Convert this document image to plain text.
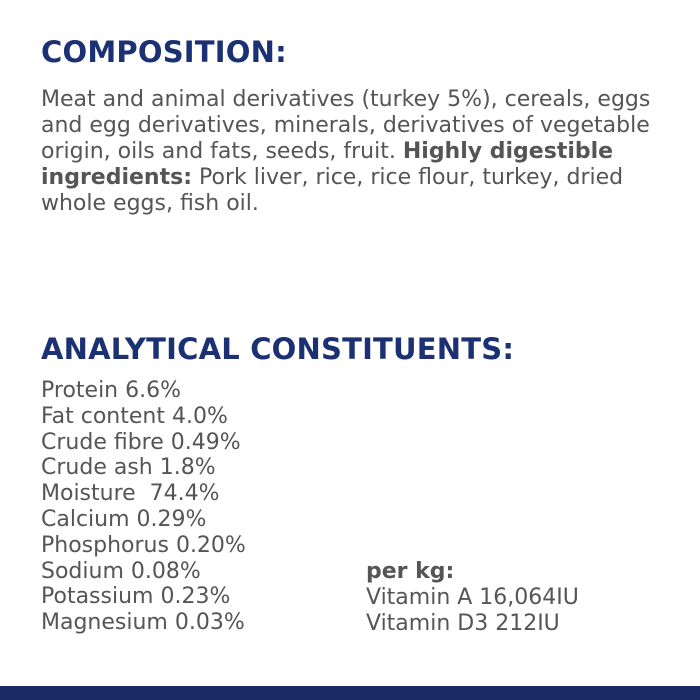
COMPOSITION:

Meat and animal derivatives (turkey 5%), cereals, eggs and egg derivatives, minerals, derivatives of vegetable origin, oils and fats, seeds, fruit. Highly digestible ingredients: Pork liver, rice, rice flour, turkey, dried whole eggs, fish oil.

ANALYTICAL CONSTITUENTS:
Protein 6.6%
Fat content 4.0%
Crude fibre 0.49%
Crude ash 1.8%
Moisture  74.4%
Calcium 0.29%
Phosphorus 0.20%
Sodium 0.08%
Potassium 0.23%
Magnesium 0.03%
per kg:
Vitamin A 16,064IU
Vitamin D3 212IU
